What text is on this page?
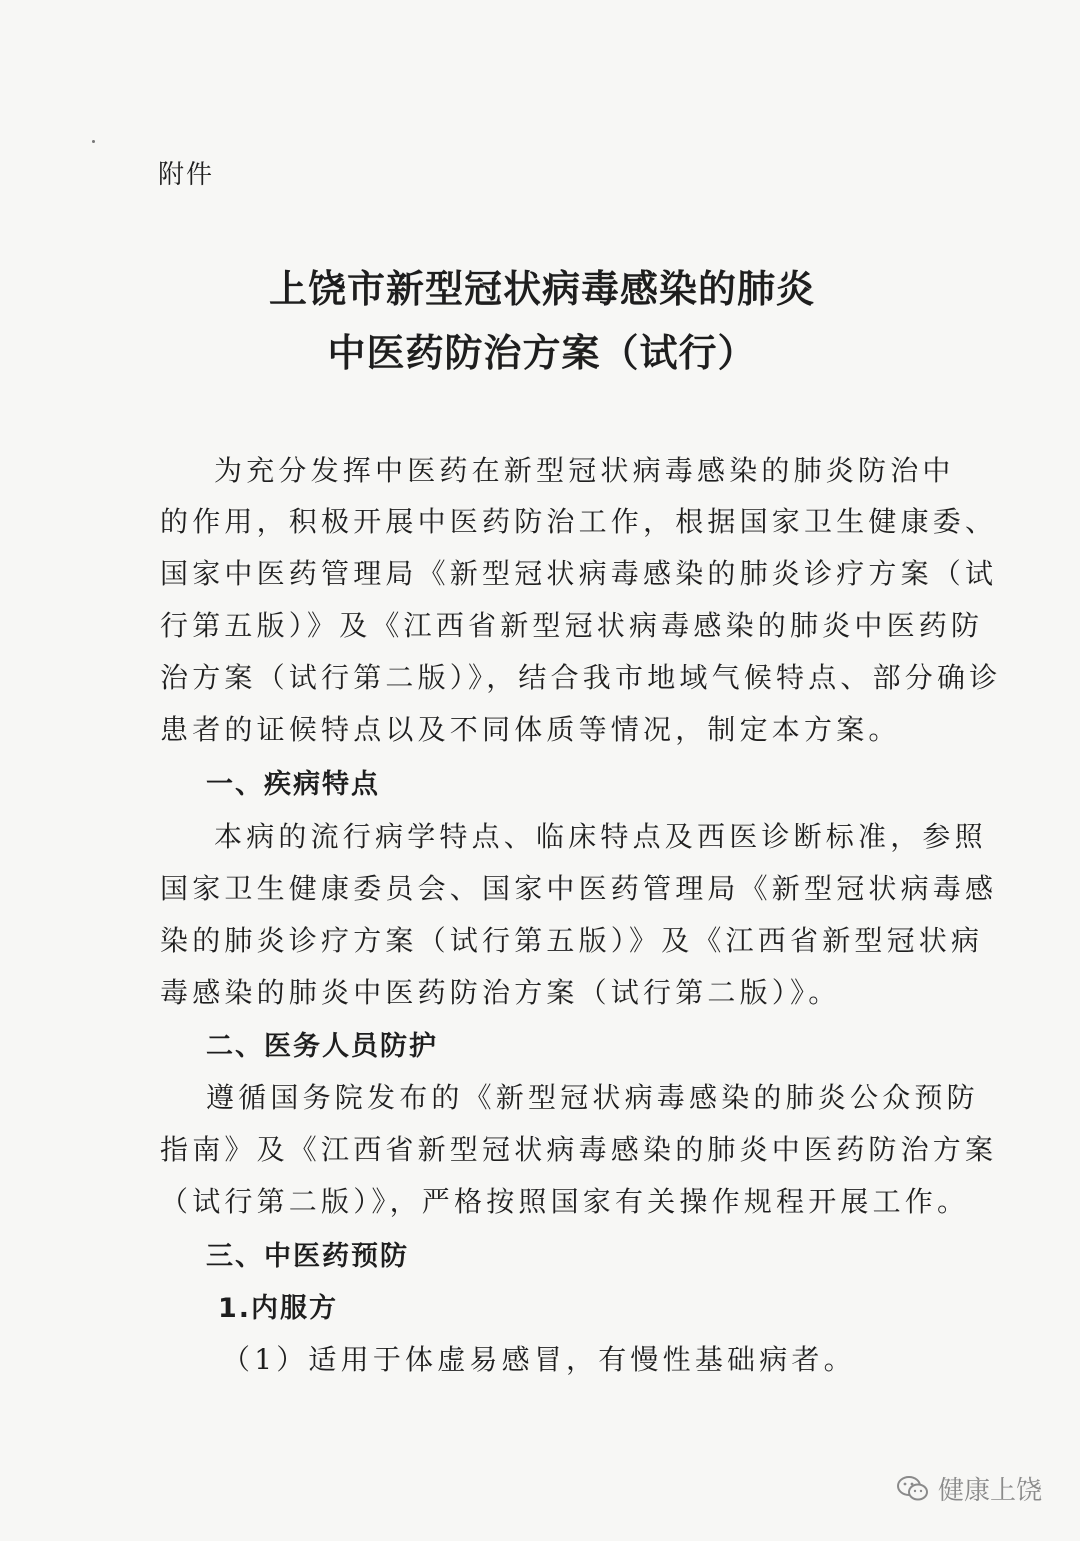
附件
上饶市新型冠状病毒感染的肺炎
中医药防治方案（试行）
为充分发挥中医药在新型冠状病毒感染的肺炎防治中
的作用，积极开展中医药防治工作，根据国家卫生健康委、
国家中医药管理局《新型冠状病毒感染的肺炎诊疗方案（试
行第五版）》及《江西省新型冠状病毒感染的肺炎中医药防
治方案（试行第二版）》，结合我市地域气候特点、部分确诊
患者的证候特点以及不同体质等情况，制定本方案。
一、疾病特点
本病的流行病学特点、临床特点及西医诊断标准，参照
国家卫生健康委员会、国家中医药管理局《新型冠状病毒感
染的肺炎诊疗方案（试行第五版）》及《江西省新型冠状病
毒感染的肺炎中医药防治方案（试行第二版）》。
二、医务人员防护
遵循国务院发布的《新型冠状病毒感染的肺炎公众预防
指南》及《江西省新型冠状病毒感染的肺炎中医药防治方案
（试行第二版）》，严格按照国家有关操作规程开展工作。
三、中医药预防
1.内服方
（1）适用于体虚易感冒，有慢性基础病者。
健康上饶
